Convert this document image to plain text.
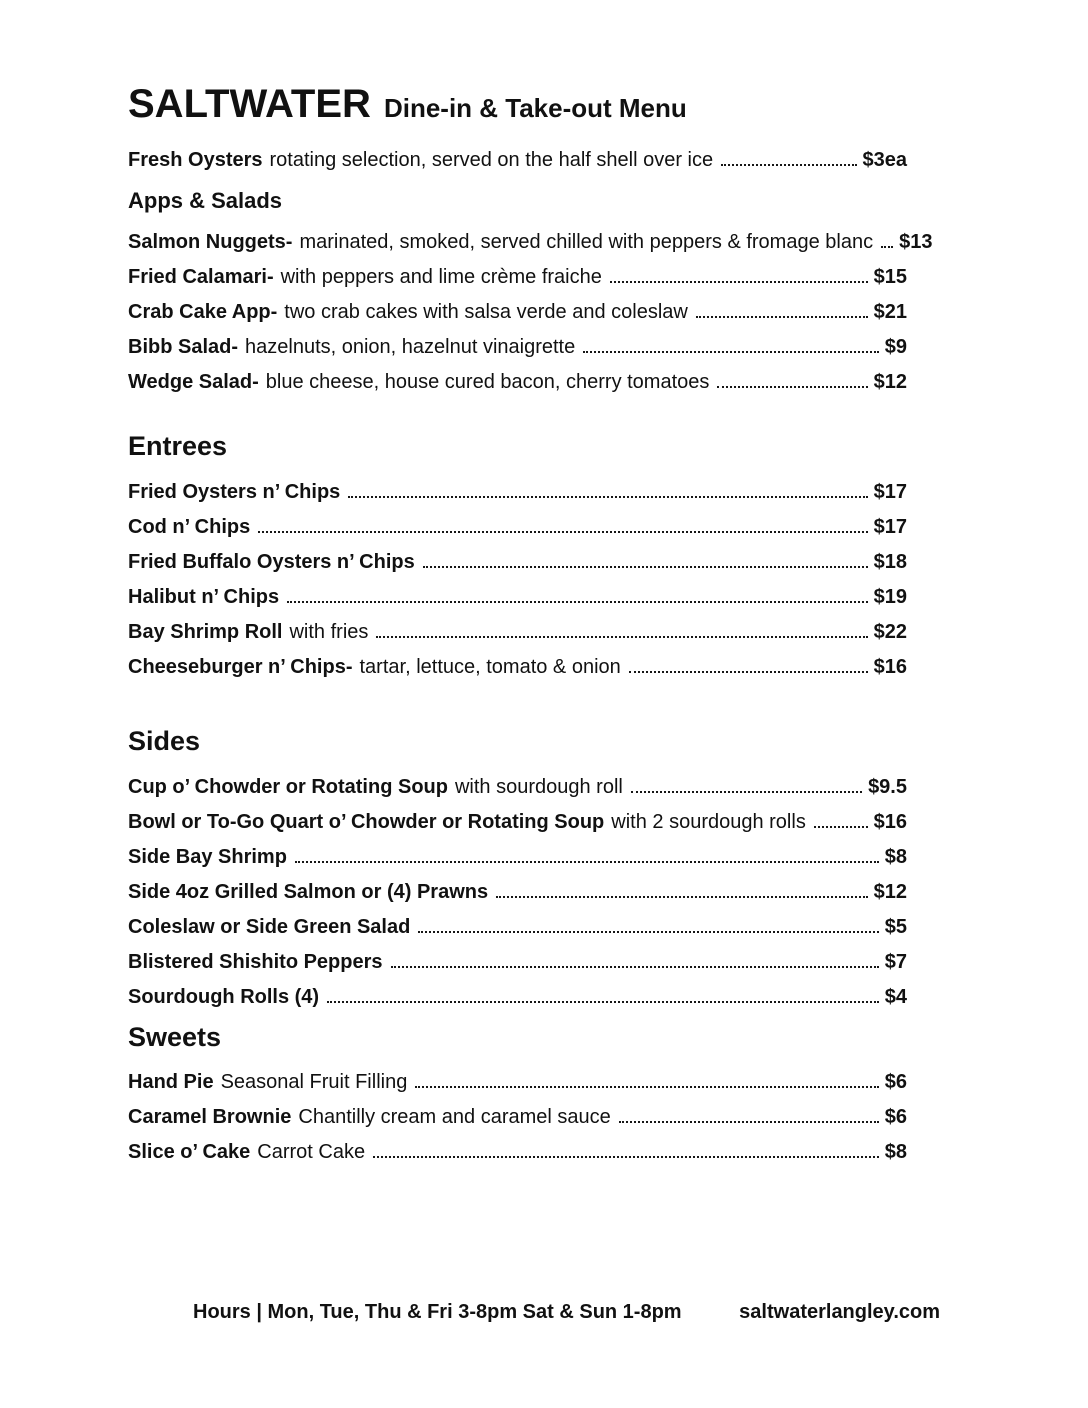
SALTWATER Dine-in & Take-out Menu
Fresh Oysters rotating selection, served on the half shell over ice	$3ea
Apps & Salads
Salmon Nuggets- marinated, smoked, served chilled with peppers & fromage blanc $13
Fried Calamari- with peppers and lime crème fraiche	$15
Crab Cake App- two crab cakes with salsa verde and coleslaw	$21
Bibb Salad- hazelnuts, onion, hazelnut vinaigrette	$9
Wedge Salad- blue cheese, house cured bacon, cherry tomatoes	$12
Entrees
Fried Oysters n’ Chips	$17
Cod n’ Chips	$17
Fried Buffalo Oysters n’ Chips	$18
Halibut n’ Chips	$19
Bay Shrimp Roll with fries	$22
Cheeseburger n’ Chips- tartar, lettuce, tomato & onion	$16
Sides
Cup o’ Chowder or Rotating Soup with sourdough roll	$9.5
Bowl or To-Go Quart o’ Chowder or Rotating Soup with 2 sourdough rolls	$16
Side Bay Shrimp	$8
Side 4oz Grilled Salmon or (4) Prawns	$12
Coleslaw or Side Green Salad	$5
Blistered Shishito Peppers	$7
Sourdough Rolls (4)	$4
Sweets
Hand Pie Seasonal Fruit Filling	$6
Caramel Brownie Chantilly cream and caramel sauce	$6
Slice o’ Cake Carrot Cake	$8
Hours | Mon, Tue, Thu & Fri 3-8pm Sat & Sun 1-8pm	saltwaterlangley.com
